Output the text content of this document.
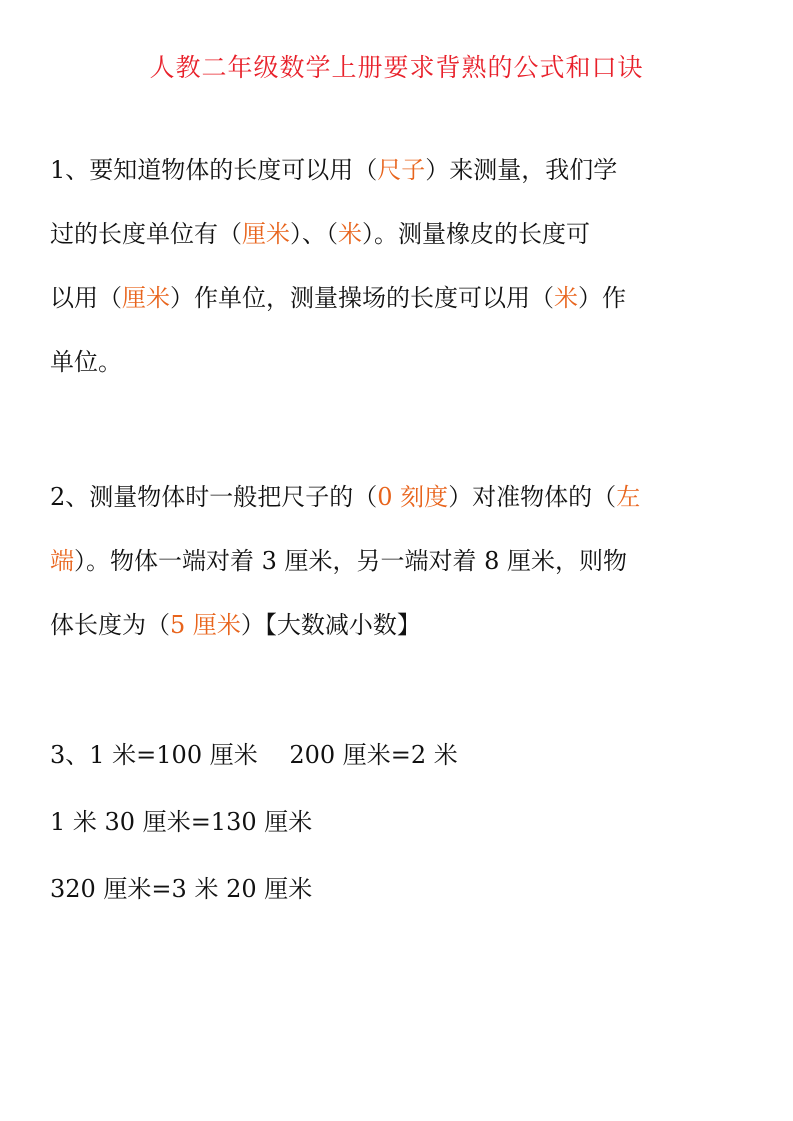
人教二年级数学上册要求背熟的公式和口诀
1、要知道物体的长度可以用（尺子）来测量，我们学
过的长度单位有（厘米）、（米）。测量橡皮的长度可
以用（厘米）作单位，测量操场的长度可以用（米）作
单位。
2、测量物体时一般把尺子的（0 刻度）对准物体的（左
端）。物体一端对着 3 厘米，另一端对着 8 厘米，则物
体长度为（5 厘米）【大数减小数】
3、1 米=100 厘米　 200 厘米=2 米
1 米 30 厘米=130 厘米
320 厘米=3 米 20 厘米
